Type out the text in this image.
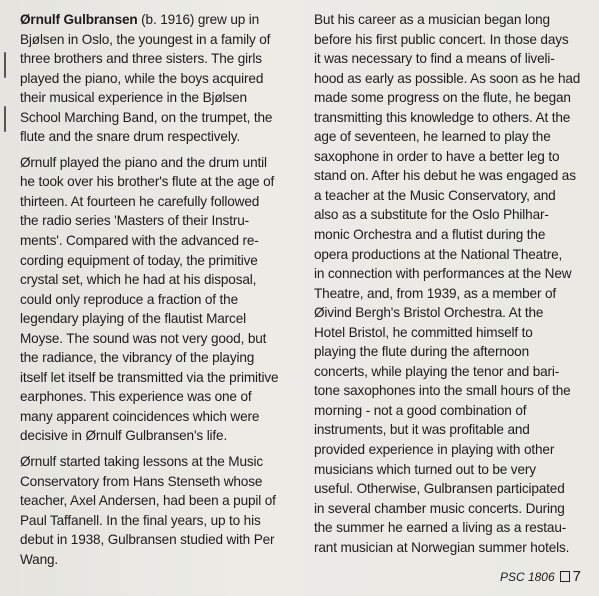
Ørnulf Gulbransen (b. 1916) grew up in
Bjølsen in Oslo, the youngest in a family of
three brothers and three sisters. The girls
played the piano, while the boys acquired
their musical experience in the Bjølsen
School Marching Band, on the trumpet, the
flute and the snare drum respectively.

Ørnulf played the piano and the drum until
he took over his brother's flute at the age of
thirteen. At fourteen he carefully followed
the radio series 'Masters of their Instru-
ments'. Compared with the advanced re-
cording equipment of today, the primitive
crystal set, which he had at his disposal,
could only reproduce a fraction of the
legendary playing of the flautist Marcel
Moyse. The sound was not very good, but
the radiance, the vibrancy of the playing
itself let itself be transmitted via the primitive
earphones. This experience was one of
many apparent coincidences which were
decisive in Ørnulf Gulbransen's life.

Ørnulf started taking lessons at the Music
Conservatory from Hans Stenseth whose
teacher, Axel Andersen, had been a pupil of
Paul Taffanell. In the final years, up to his
debut in 1938, Gulbransen studied with Per
Wang.

But his career as a musician began long
before his first public concert. In those days
it was necessary to find a means of liveli-
hood as early as possible. As soon as he had
made some progress on the flute, he began
transmitting this knowledge to others. At the
age of seventeen, he learned to play the
saxophone in order to have a better leg to
stand on. After his debut he was engaged as
a teacher at the Music Conservatory, and
also as a substitute for the Oslo Philhar-
monic Orchestra and a flutist during the
opera productions at the National Theatre,
in connection with performances at the New
Theatre, and, from 1939, as a member of
Øivind Bergh's Bristol Orchestra. At the
Hotel Bristol, he committed himself to
playing the flute during the afternoon
concerts, while playing the tenor and bari-
tone saxophones into the small hours of the
morning - not a good combination of
instruments, but it was profitable and
provided experience in playing with other
musicians which turned out to be very
useful. Otherwise, Gulbransen participated
in several chamber music concerts. During
the summer he earned a living as a restau-
rant musician at Norwegian summer hotels.

PSC 1806 7
